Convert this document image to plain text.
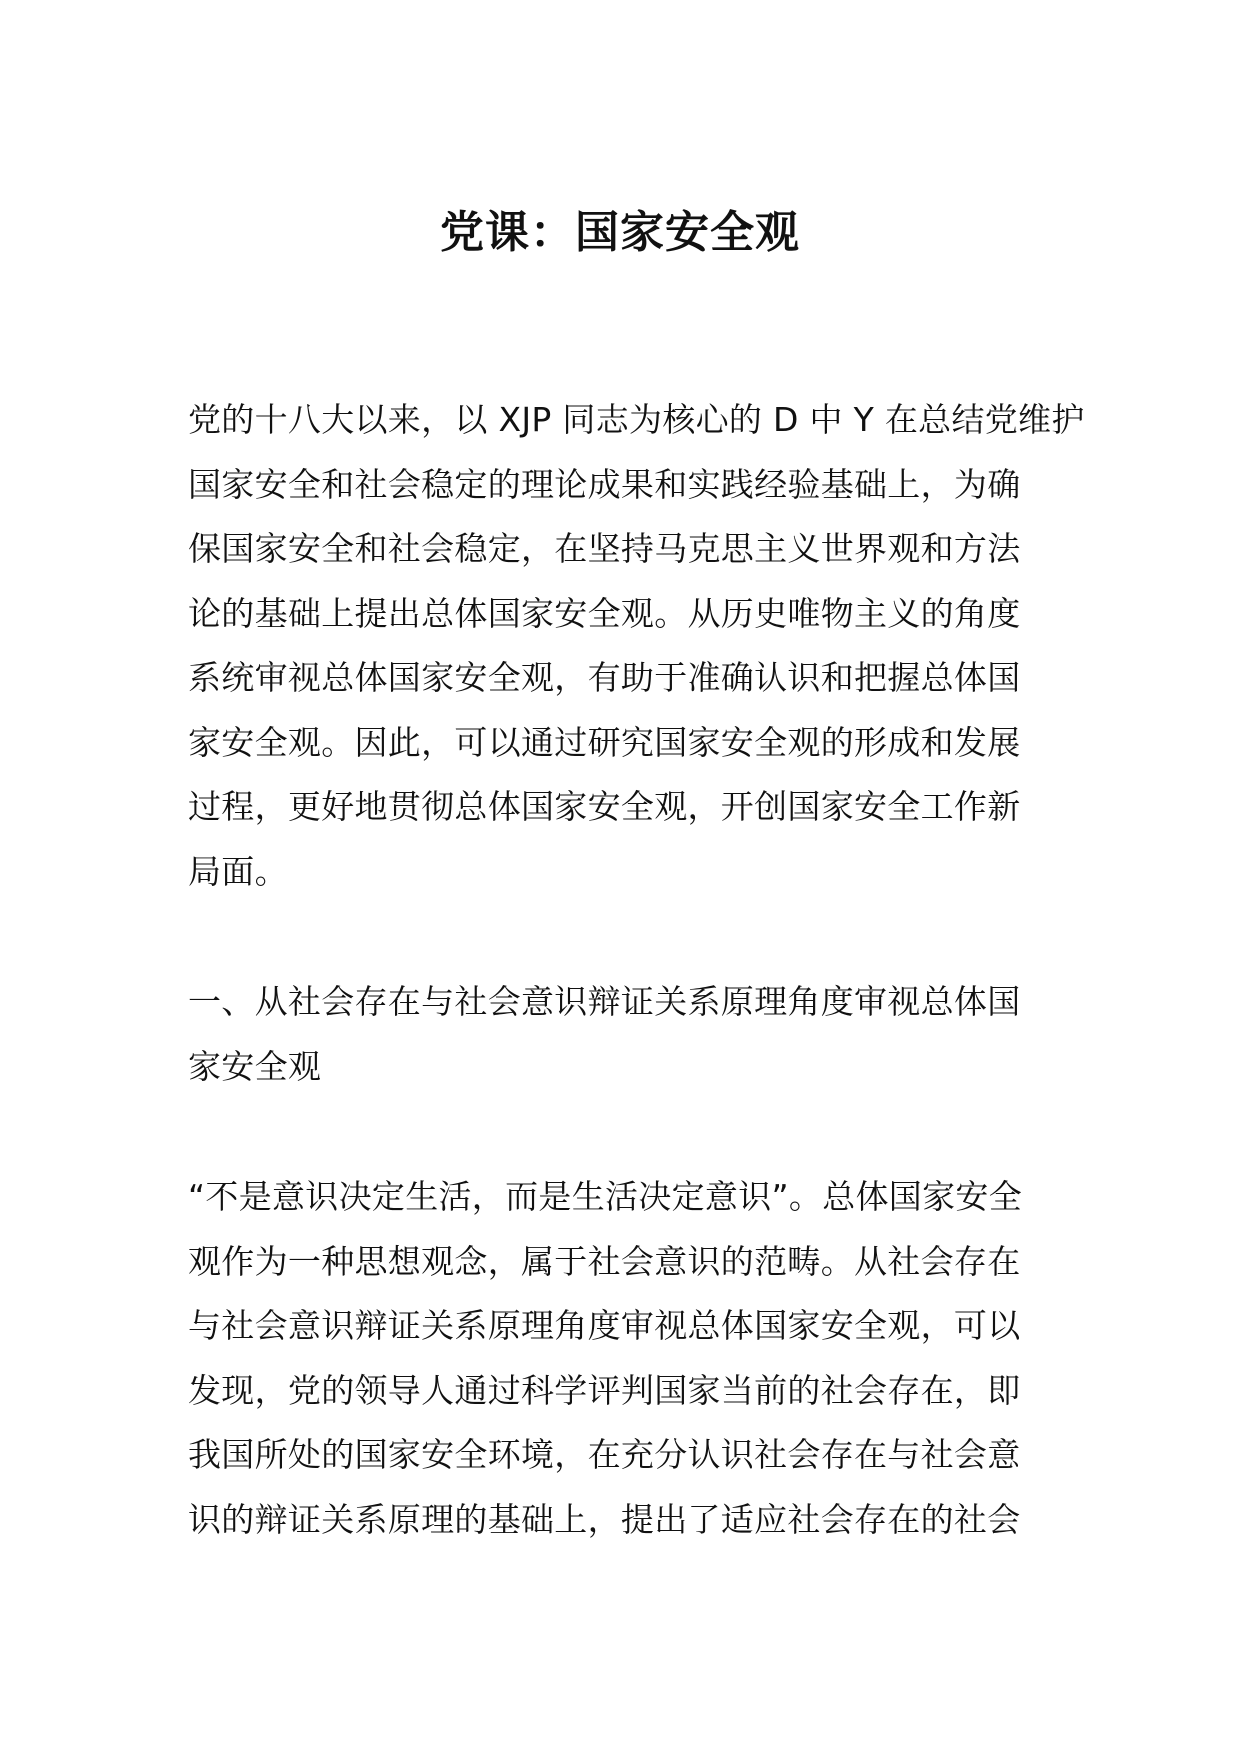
党课：国家安全观
党的十八大以来，以 XJP 同志为核心的 D 中 Y 在总结党维护
国家安全和社会稳定的理论成果和实践经验基础上，为确
保国家安全和社会稳定，在坚持马克思主义世界观和方法
论的基础上提出总体国家安全观。从历史唯物主义的角度
系统审视总体国家安全观，有助于准确认识和把握总体国
家安全观。因此，可以通过研究国家安全观的形成和发展
过程，更好地贯彻总体国家安全观，开创国家安全工作新
局面。
一、从社会存在与社会意识辩证关系原理角度审视总体国
家安全观
“不是意识决定生活，而是生活决定意识”。总体国家安全
观作为一种思想观念，属于社会意识的范畴。从社会存在
与社会意识辩证关系原理角度审视总体国家安全观，可以
发现，党的领导人通过科学评判国家当前的社会存在，即
我国所处的国家安全环境，在充分认识社会存在与社会意
识的辩证关系原理的基础上，提出了适应社会存在的社会
